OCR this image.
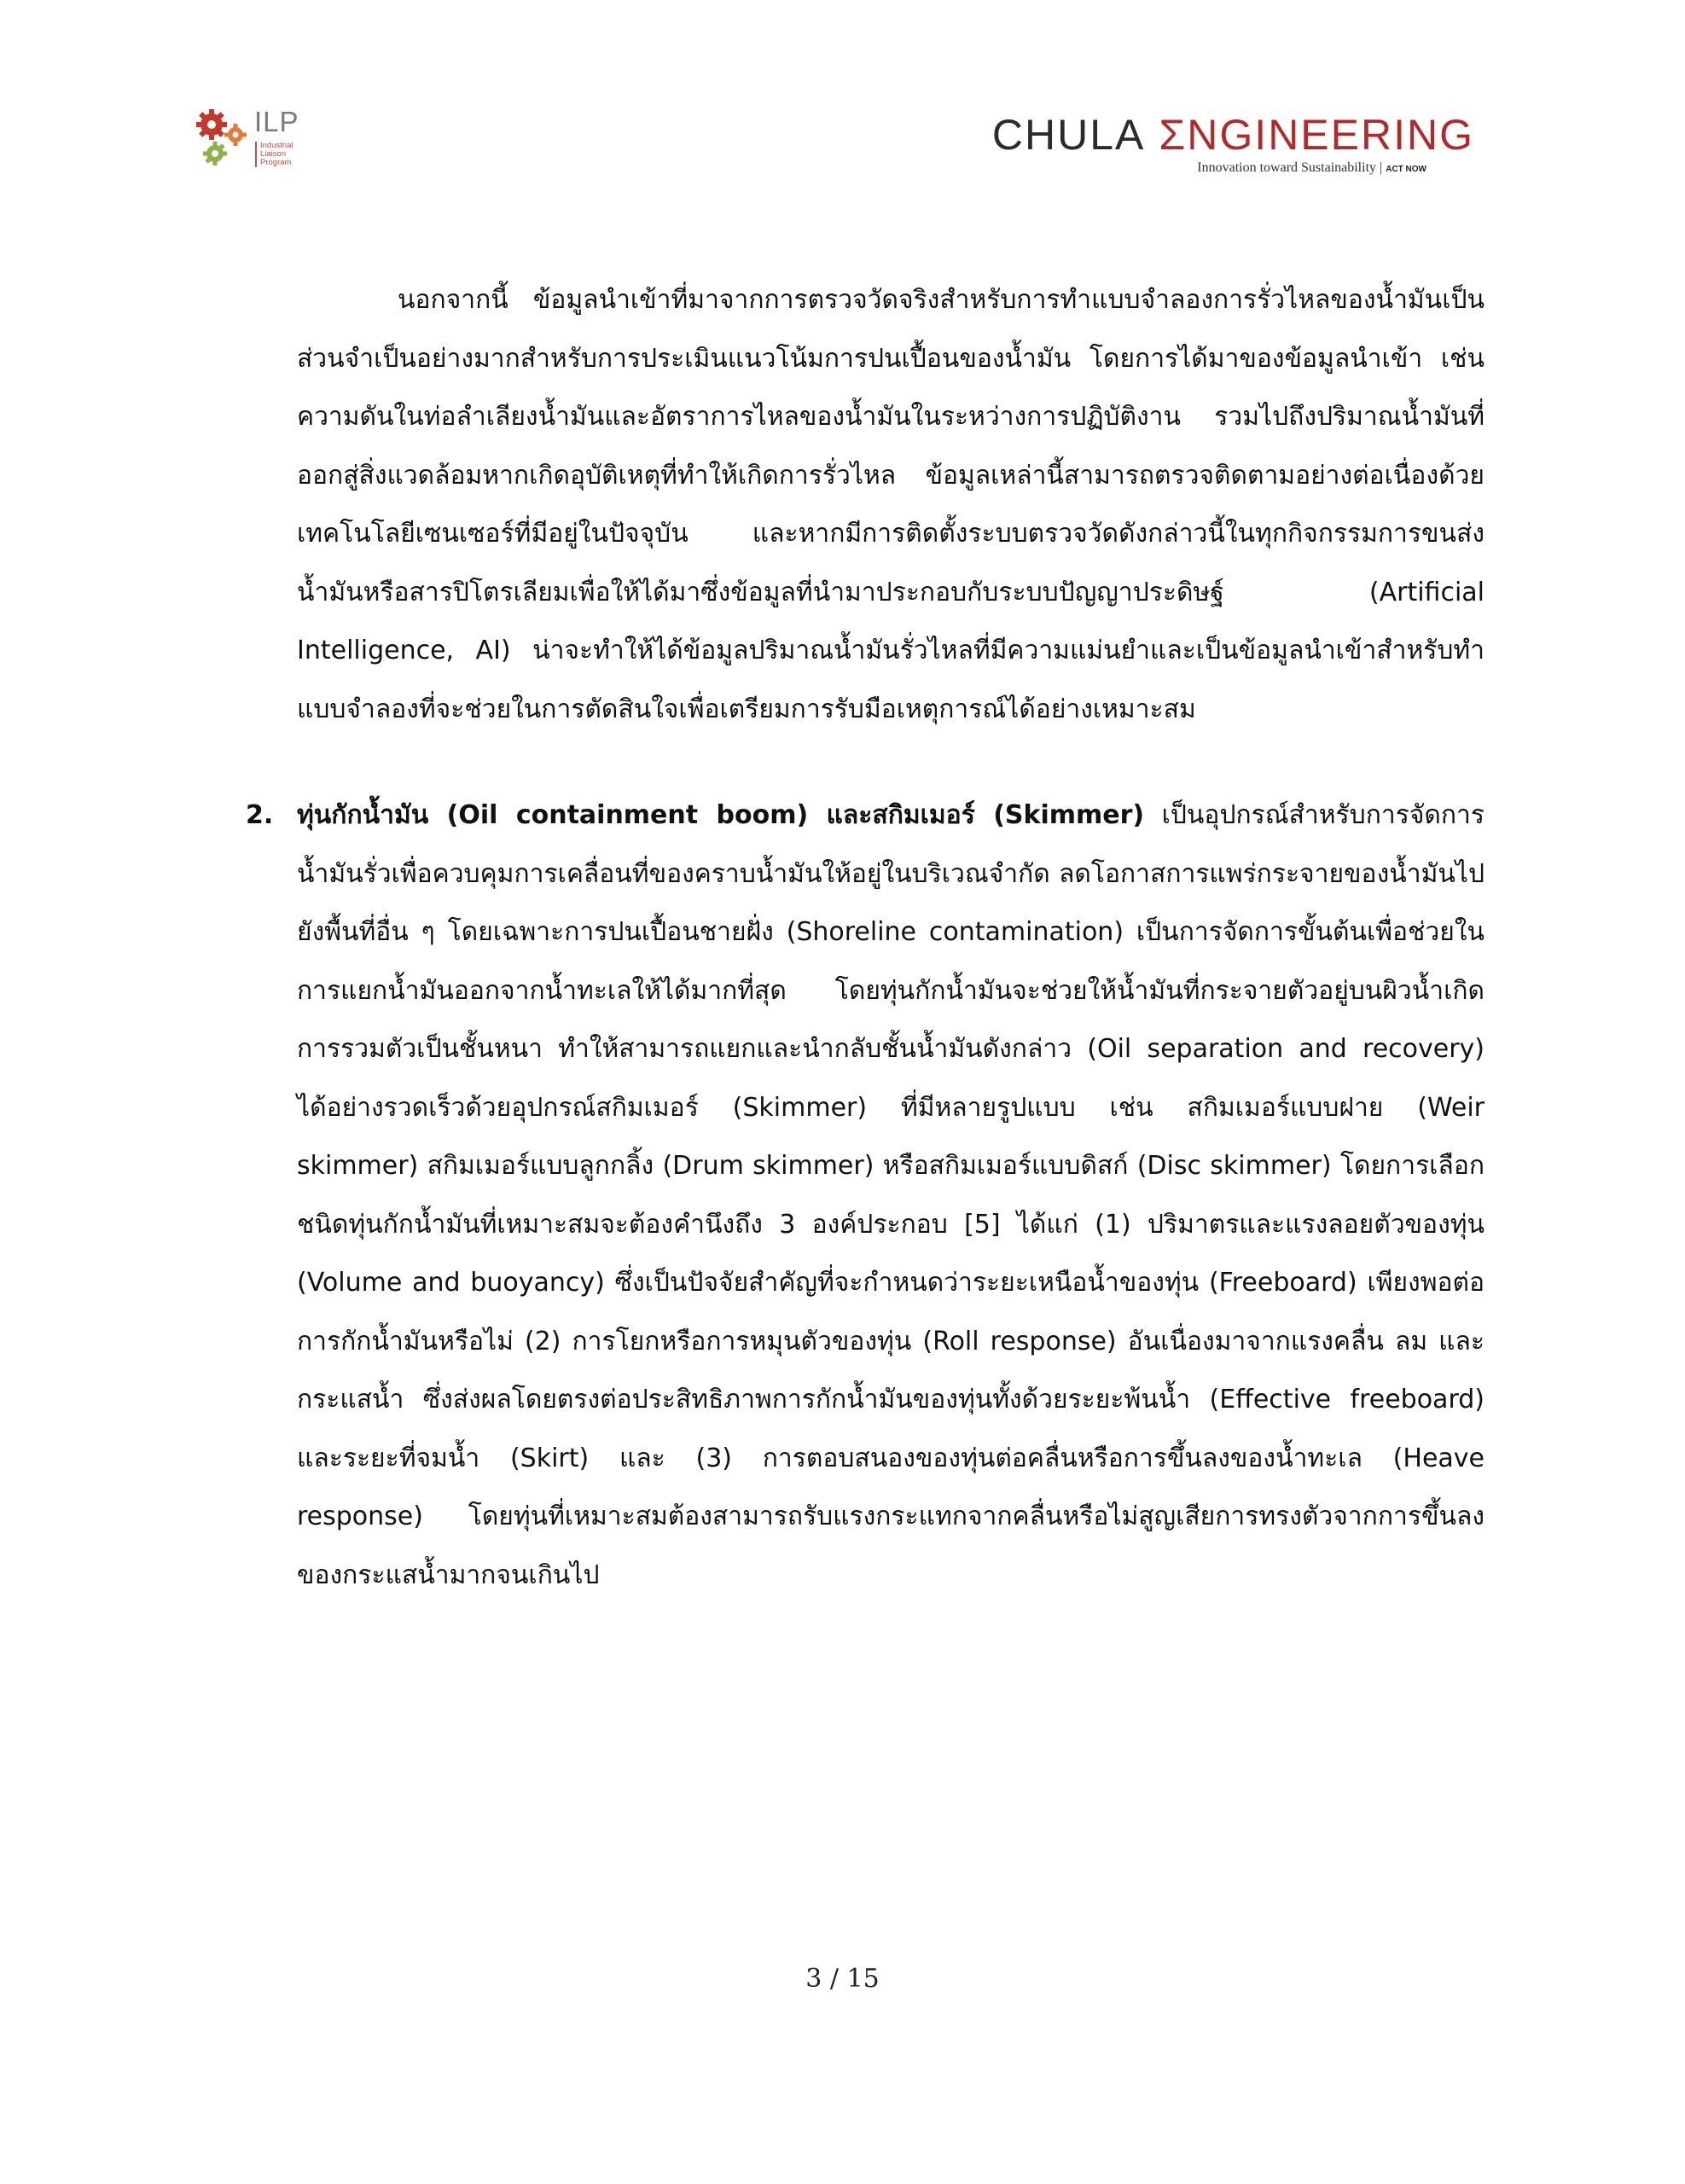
ILP
Industrial
Liaison
Program
CHULA ƩNGINEERING
Innovation toward Sustainability | ACT NOW

นอกจากนี้ ข้อมูลนำเข้าที่มาจากการตรวจวัดจริงสำหรับการทำแบบจำลองการรั่วไหลของน้ำมันเป็นส่วนจำเป็นอย่างมากสำหรับการประเมินแนวโน้มการปนเปื้อนของน้ำมัน โดยการได้มาของข้อมูลนำเข้า เช่น ความดันในท่อลำเลียงน้ำมันและอัตราการไหลของน้ำมันในระหว่างการปฏิบัติงาน รวมไปถึงปริมาณน้ำมันที่ออกสู่สิ่งแวดล้อมหากเกิดอุบัติเหตุที่ทำให้เกิดการรั่วไหล ข้อมูลเหล่านี้สามารถตรวจติดตามอย่างต่อเนื่องด้วยเทคโนโลยีเซนเซอร์ที่มีอยู่ในปัจจุบัน และหากมีการติดตั้งระบบตรวจวัดดังกล่าวนี้ในทุกกิจกรรมการขนส่งน้ำมันหรือสารปิโตรเลียมเพื่อให้ได้มาซึ่งข้อมูลที่นำมาประกอบกับระบบปัญญาประดิษฐ์ (Artificial Intelligence, AI) น่าจะทำให้ได้ข้อมูลปริมาณน้ำมันรั่วไหลที่มีความแม่นยำและเป็นข้อมูลนำเข้าสำหรับทำแบบจำลองที่จะช่วยในการตัดสินใจเพื่อเตรียมการรับมือเหตุการณ์ได้อย่างเหมาะสม

2. ทุ่นกักน้ำมัน (Oil containment boom) และสกิมเมอร์ (Skimmer) เป็นอุปกรณ์สำหรับการจัดการน้ำมันรั่วเพื่อควบคุมการเคลื่อนที่ของคราบน้ำมันให้อยู่ในบริเวณจำกัด ลดโอกาสการแพร่กระจายของน้ำมันไปยังพื้นที่อื่น ๆ โดยเฉพาะการปนเปื้อนชายฝั่ง (Shoreline contamination) เป็นการจัดการขั้นต้นเพื่อช่วยในการแยกน้ำมันออกจากน้ำทะเลให้ได้มากที่สุด โดยทุ่นกักน้ำมันจะช่วยให้น้ำมันที่กระจายตัวอยู่บนผิวน้ำเกิดการรวมตัวเป็นชั้นหนา ทำให้สามารถแยกและนำกลับชั้นน้ำมันดังกล่าว (Oil separation and recovery) ได้อย่างรวดเร็วด้วยอุปกรณ์สกิมเมอร์ (Skimmer) ที่มีหลายรูปแบบ เช่น สกิมเมอร์แบบฝาย (Weir skimmer) สกิมเมอร์แบบลูกกลิ้ง (Drum skimmer) หรือสกิมเมอร์แบบดิสก์ (Disc skimmer) โดยการเลือกชนิดทุ่นกักน้ำมันที่เหมาะสมจะต้องคำนึงถึง 3 องค์ประกอบ [5] ได้แก่ (1) ปริมาตรและแรงลอยตัวของทุ่น (Volume and buoyancy) ซึ่งเป็นปัจจัยสำคัญที่จะกำหนดว่าระยะเหนือน้ำของทุ่น (Freeboard) เพียงพอต่อการกักน้ำมันหรือไม่ (2) การโยกหรือการหมุนตัวของทุ่น (Roll response) อันเนื่องมาจากแรงคลื่น ลม และกระแสน้ำ ซึ่งส่งผลโดยตรงต่อประสิทธิภาพการกักน้ำมันของทุ่นทั้งด้วยระยะพ้นน้ำ (Effective freeboard) และระยะที่จมน้ำ (Skirt) และ (3) การตอบสนองของทุ่นต่อคลื่นหรือการขึ้นลงของน้ำทะเล (Heave response) โดยทุ่นที่เหมาะสมต้องสามารถรับแรงกระแทกจากคลื่นหรือไม่สูญเสียการทรงตัวจากการขึ้นลงของกระแสน้ำมากจนเกินไป

3 / 15
